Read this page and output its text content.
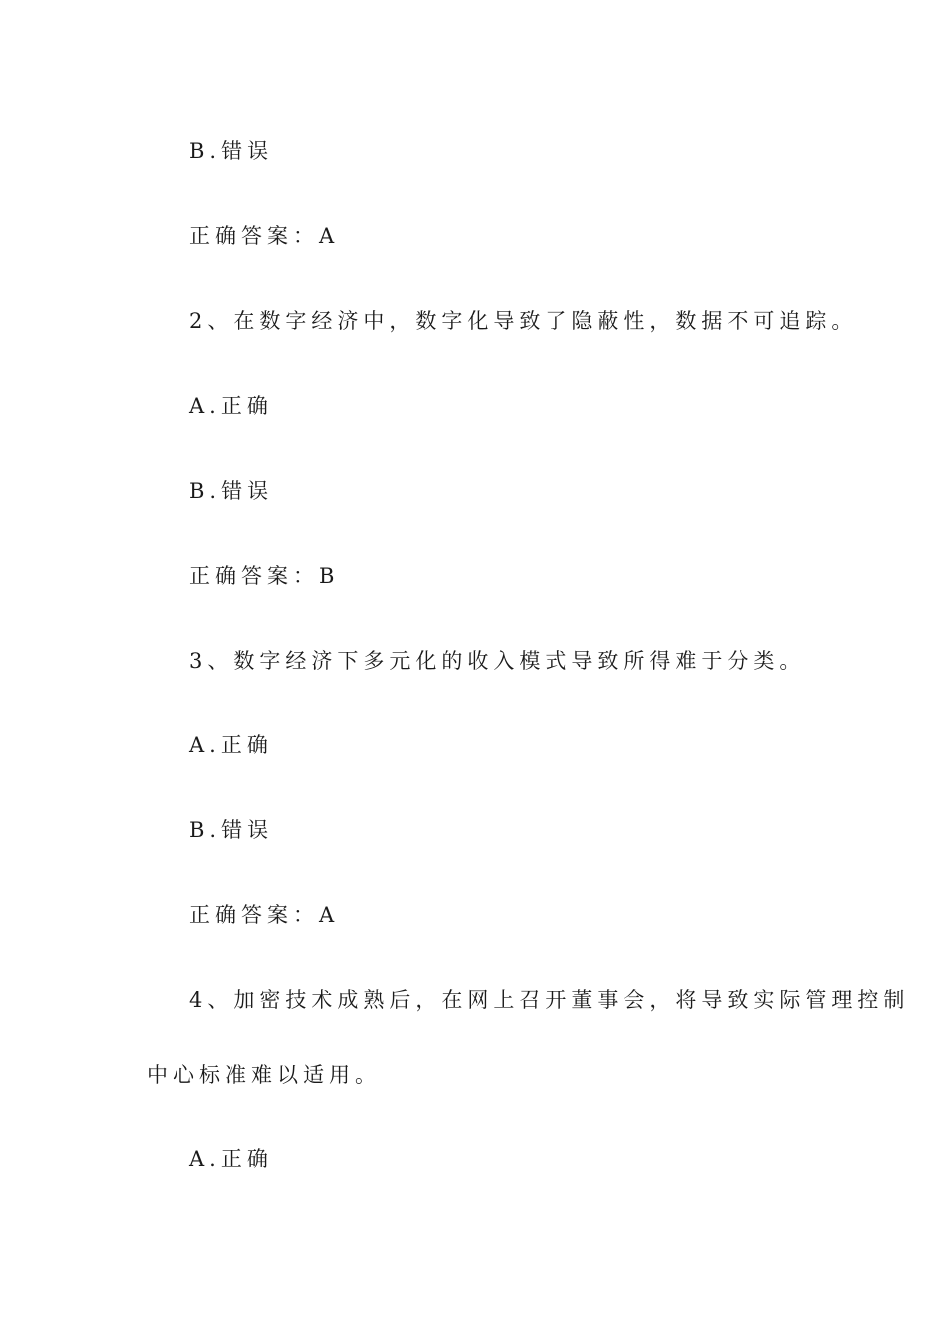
B.错误
正确答案：A
2、在数字经济中，数字化导致了隐蔽性，数据不可追踪。
A.正确
B.错误
正确答案：B
3、数字经济下多元化的收入模式导致所得难于分类。
A.正确
B.错误
正确答案：A
4、加密技术成熟后，在网上召开董事会，将导致实际管理控制
中心标准难以适用。
A.正确
